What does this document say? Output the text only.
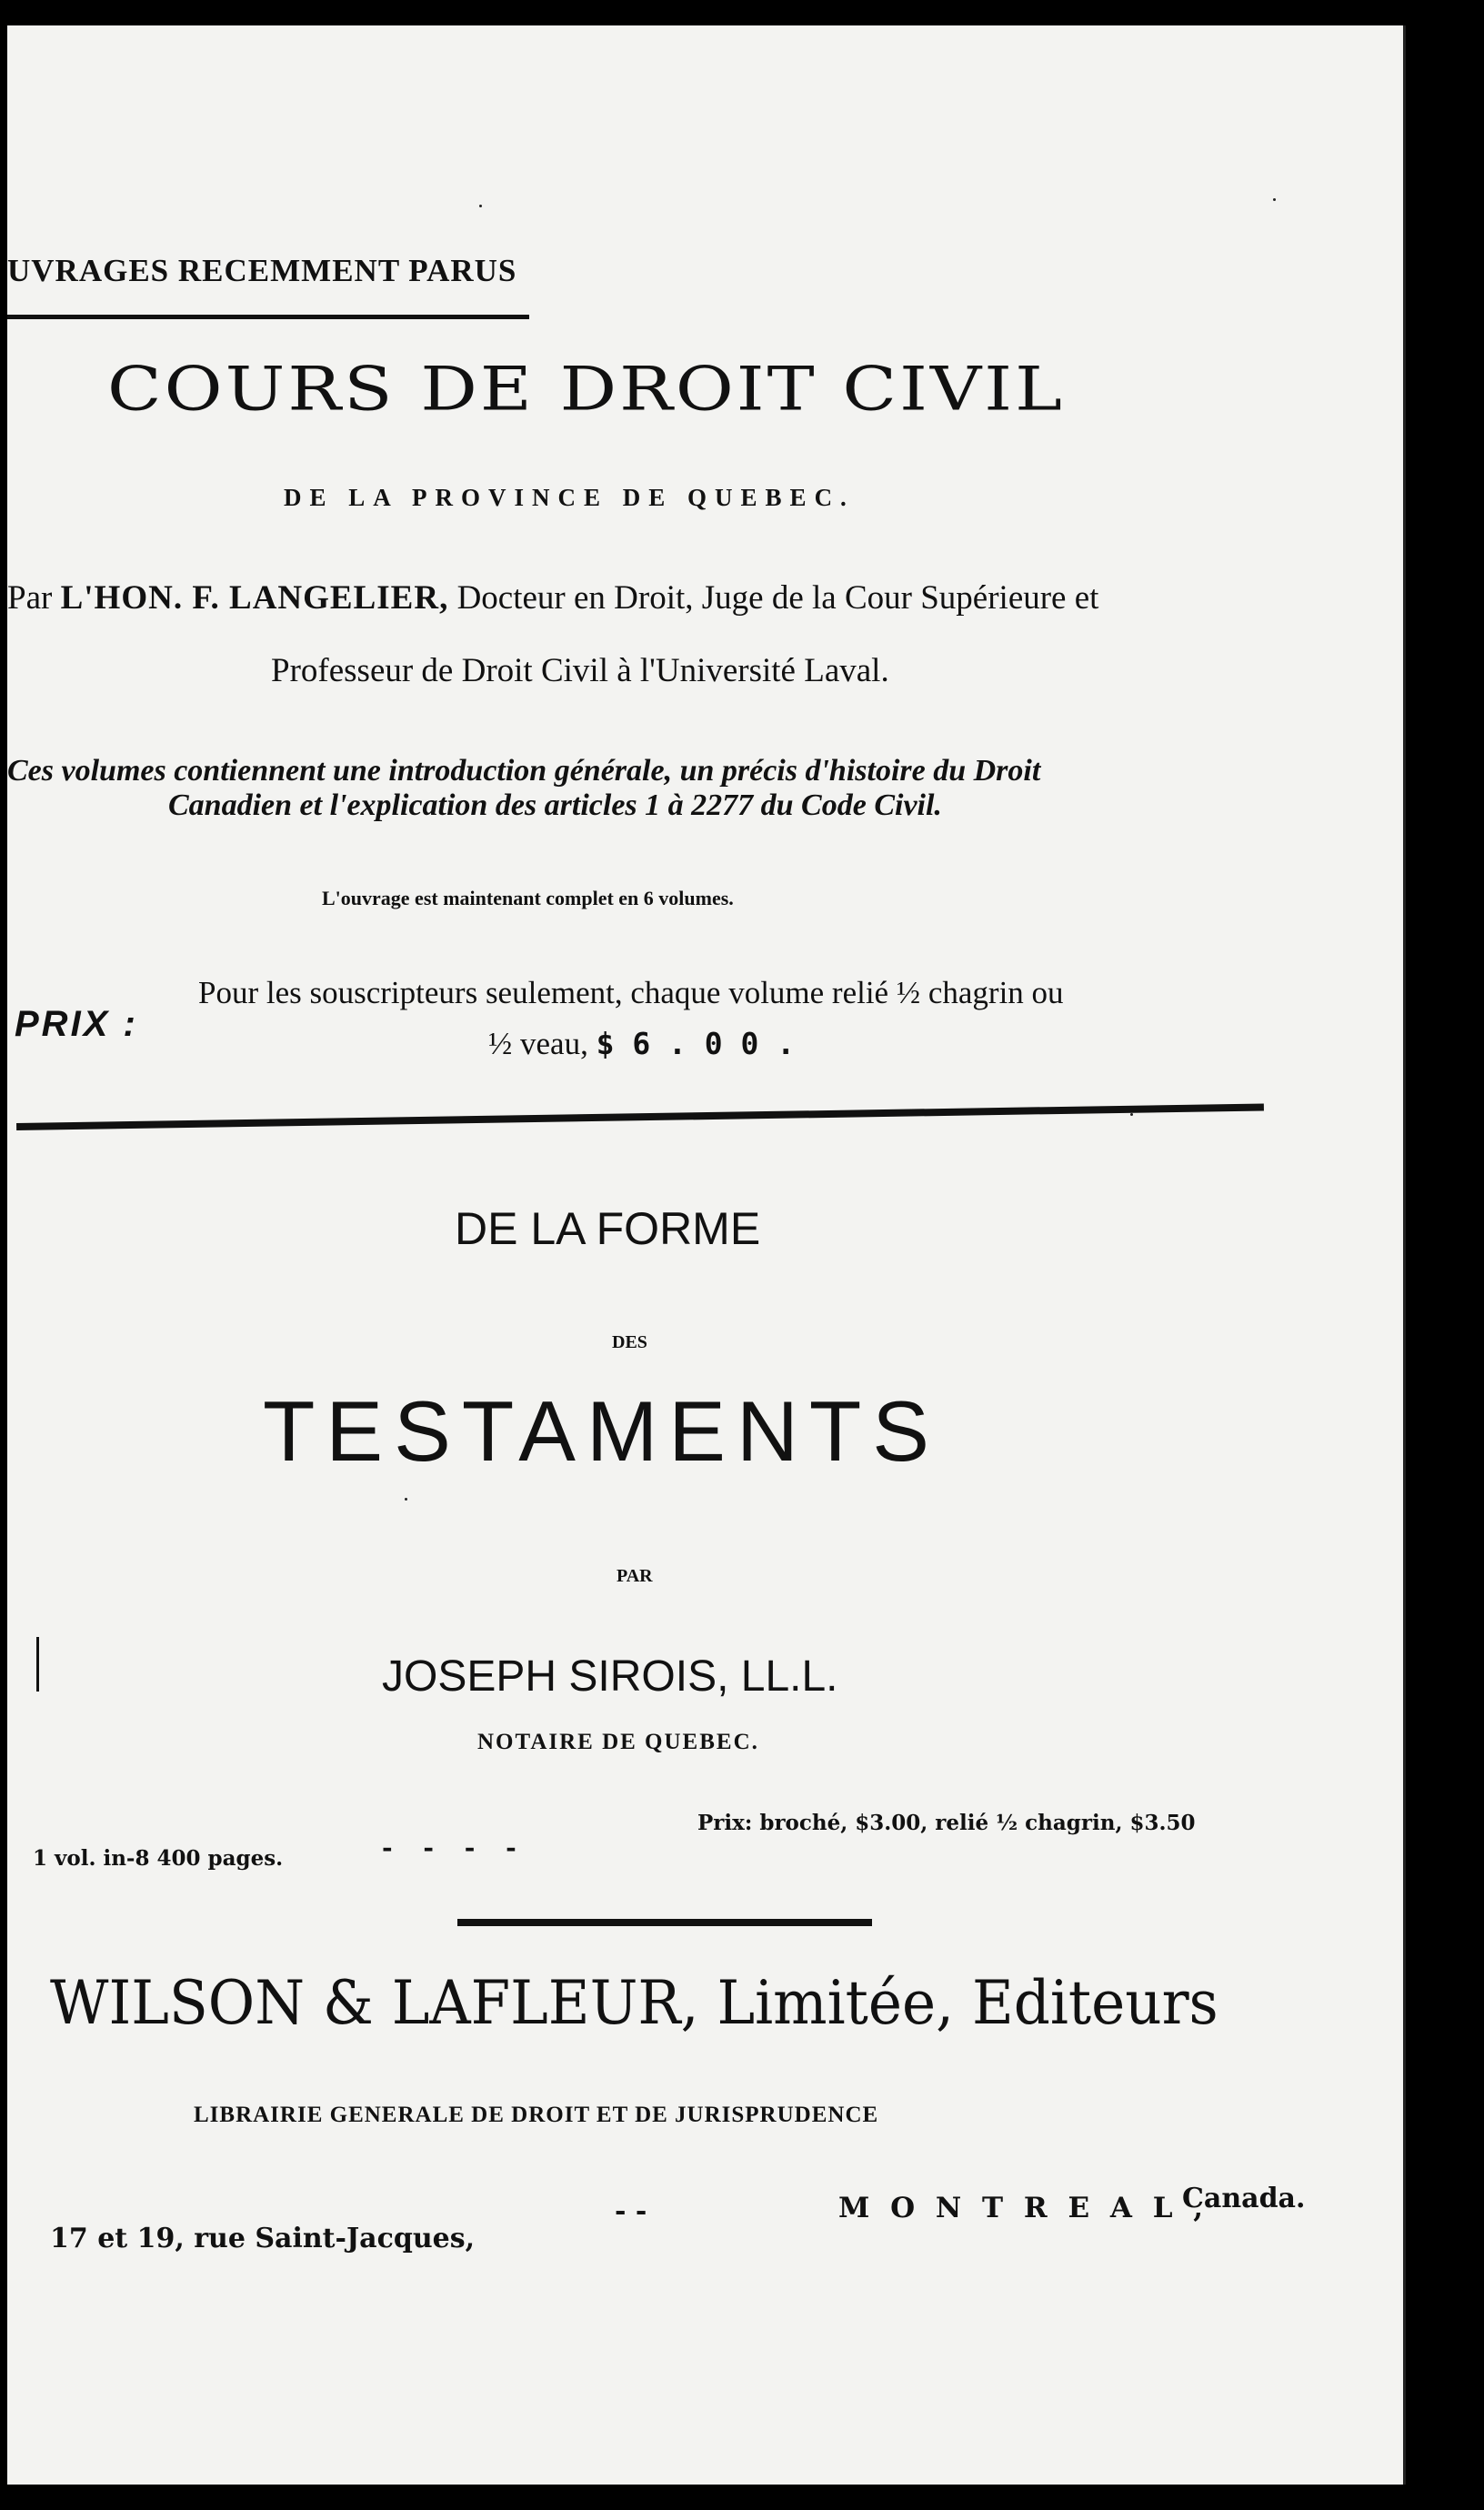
UVRAGES RECEMMENT PARUS
COURS DE DROIT CIVIL
DE LA PROVINCE DE QUEBEC.
Par L'HON. F. LANGELIER, Docteur en Droit, Juge de la Cour Supérieure et
Professeur de Droit Civil à l'Université Laval.
Ces volumes contiennent une introduction générale, un précis d'histoire du Droit
Canadien et l'explication des articles 1 à 2277 du Code Civil.
L'ouvrage est maintenant complet en 6 volumes.
PRIX :
Pour les souscripteurs seulement, chaque volume relié ½ chagrin ou
½ veau, $ 6 . 0 0 .
DE LA FORME
DES
TESTAMENTS
PAR
JOSEPH SIROIS, LL.L.
NOTAIRE DE QUEBEC.
1 vol. in-8 400 pages.	- - - -
Prix: broché, $3.00, relié ½ chagrin, $3.50
WILSON & LAFLEUR, Limitée, Editeurs
LIBRAIRIE GENERALE DE DROIT ET DE JURISPRUDENCE
17 et 19, rue Saint-Jacques,
- -	M O N T R E A L ,
Canada.
